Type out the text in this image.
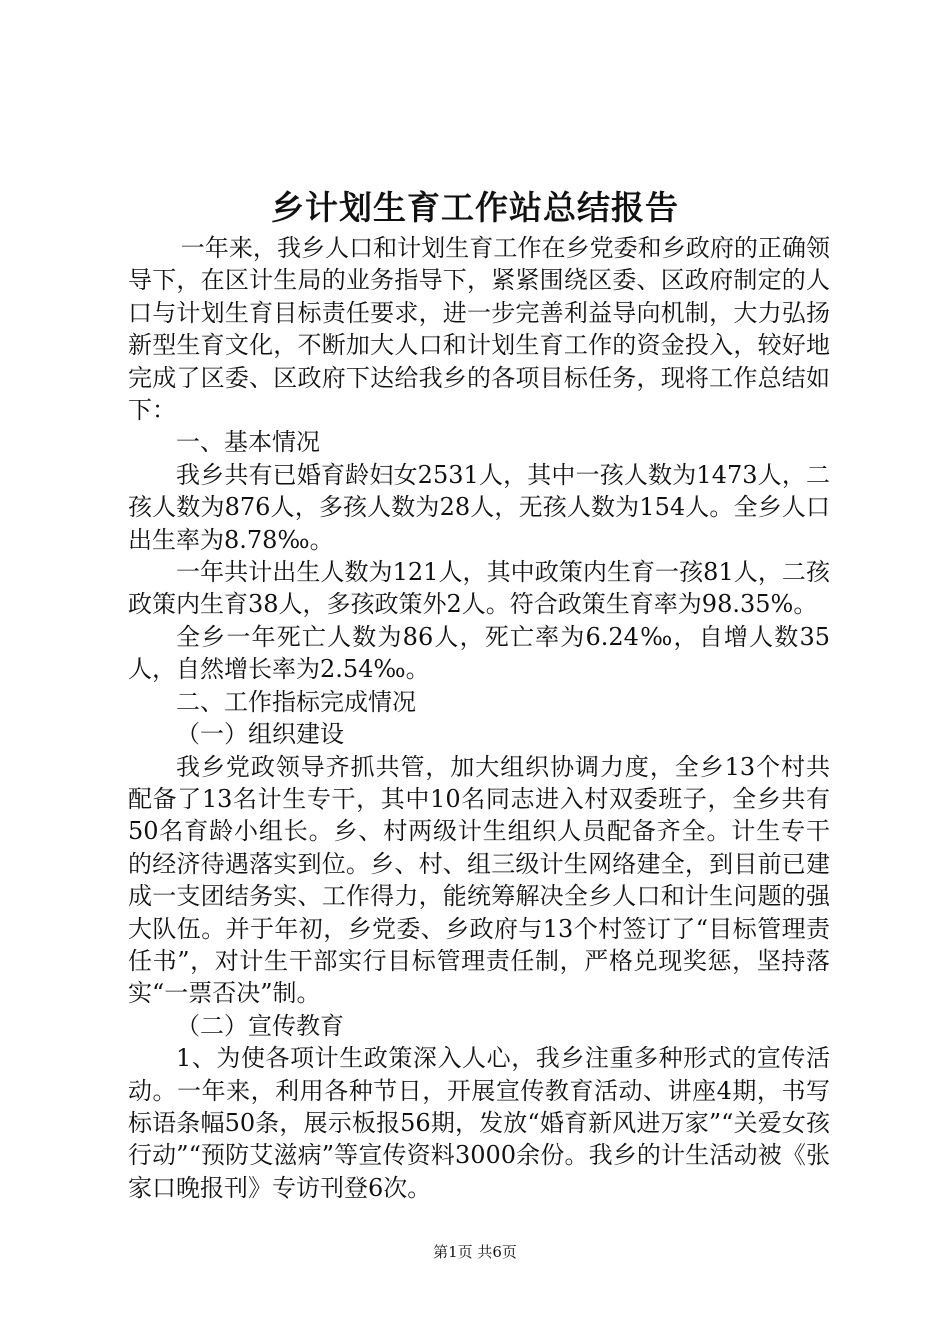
乡计划生育工作站总结报告

一年来，我乡人口和计划生育工作在乡党委和乡政府的正确领导下，在区计生局的业务指导下，紧紧围绕区委、区政府制定的人口与计划生育目标责任要求，进一步完善利益导向机制，大力弘扬新型生育文化，不断加大人口和计划生育工作的资金投入，较好地完成了区委、区政府下达给我乡的各项目标任务，现将工作总结如下：

一、基本情况

我乡共有已婚育龄妇女2531人，其中一孩人数为1473人，二孩人数为876人，多孩人数为28人，无孩人数为154人。全乡人口出生率为8.78‰。

一年共计出生人数为121人，其中政策内生育一孩81人，二孩政策内生育38人，多孩政策外2人。符合政策生育率为98.35%。

全乡一年死亡人数为86人，死亡率为6.24‰，自增人数35人，自然增长率为2.54‰。

二、工作指标完成情况

（一）组织建设

我乡党政领导齐抓共管，加大组织协调力度，全乡13个村共配备了13名计生专干，其中10名同志进入村双委班子，全乡共有50名育龄小组长。乡、村两级计生组织人员配备齐全。计生专干的经济待遇落实到位。乡、村、组三级计生网络建全，到目前已建成一支团结务实、工作得力，能统筹解决全乡人口和计生问题的强大队伍。并于年初，乡党委、乡政府与13个村签订了“目标管理责任书”，对计生干部实行目标管理责任制，严格兑现奖惩，坚持落实“一票否决”制。

（二）宣传教育

1、为使各项计生政策深入人心，我乡注重多种形式的宣传活动。一年来，利用各种节日，开展宣传教育活动、讲座4期，书写标语条幅50条，展示板报56期，发放“婚育新风进万家”“关爱女孩行动”“预防艾滋病”等宣传资料3000余份。我乡的计生活动被《张家口晚报刊》专访刊登6次。

第1页 共6页
